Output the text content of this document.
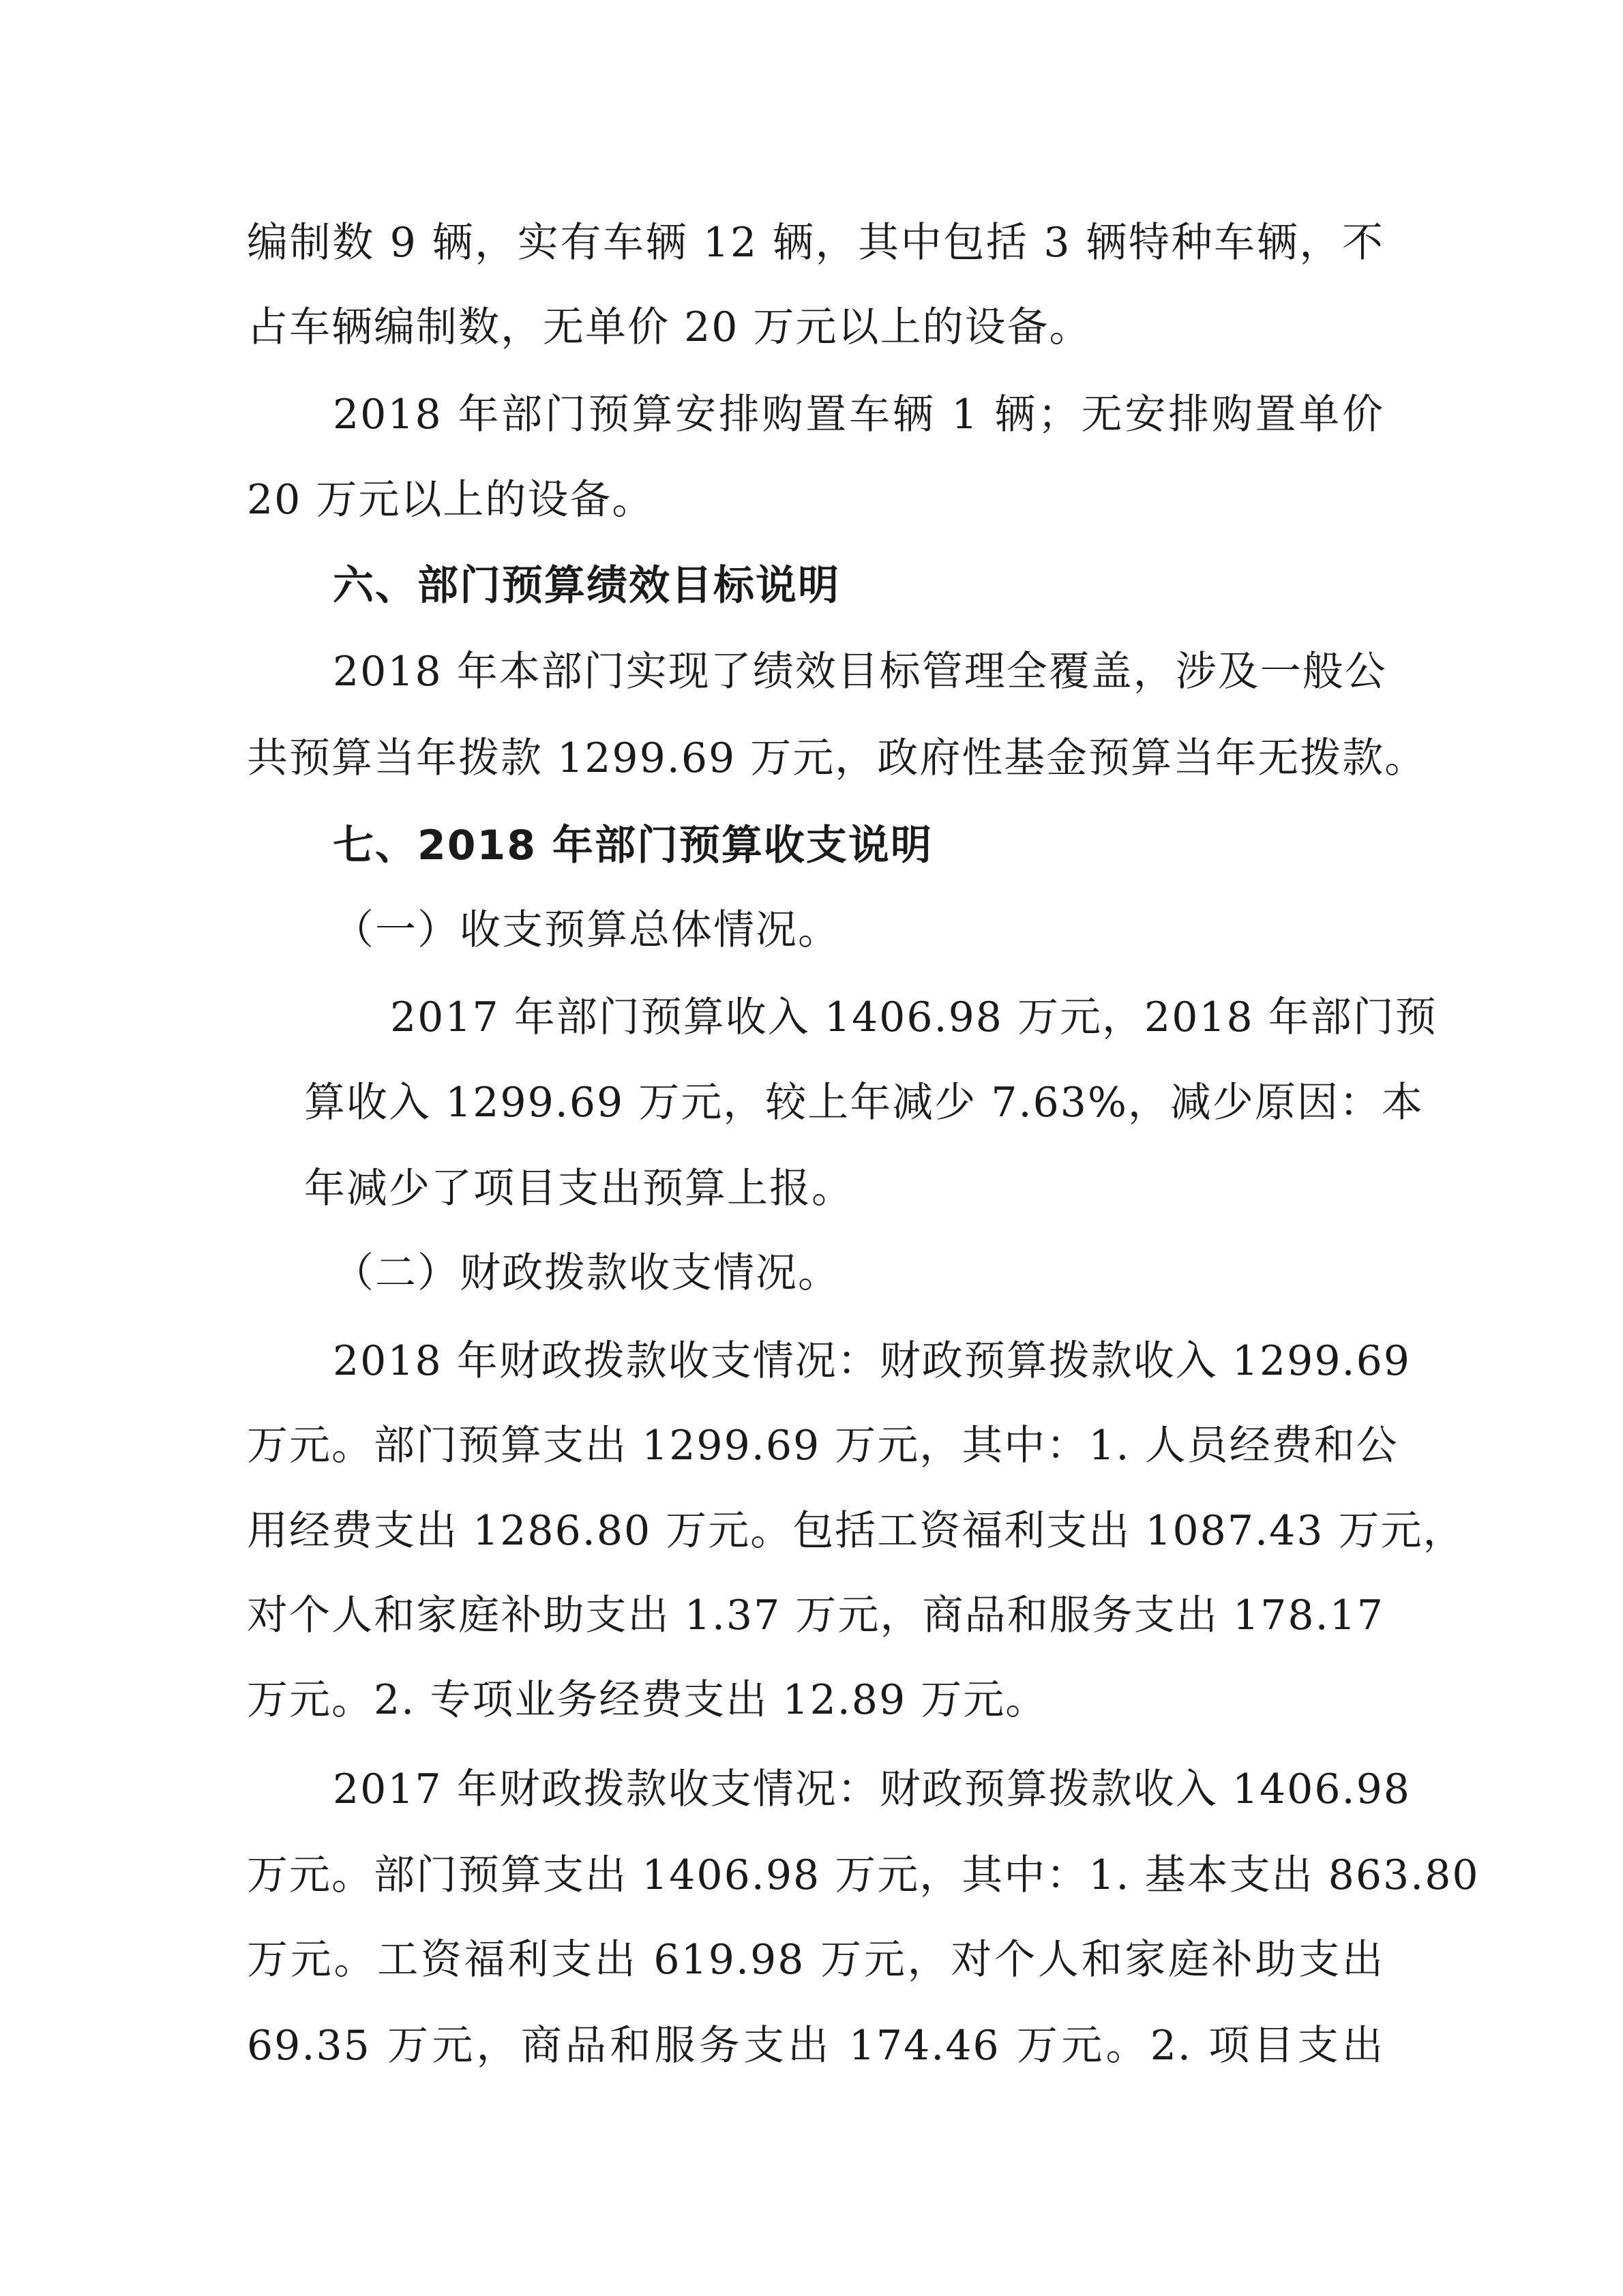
编制数 9 辆，实有车辆 12 辆，其中包括 3 辆特种车辆，不
占车辆编制数，无单价 20 万元以上的设备。
2018 年部门预算安排购置车辆 1 辆；无安排购置单价
20 万元以上的设备。
六、部门预算绩效目标说明
2018 年本部门实现了绩效目标管理全覆盖，涉及一般公
共预算当年拨款 1299.69 万元，政府性基金预算当年无拨款。
七、2018 年部门预算收支说明
（一）收支预算总体情况。
2017 年部门预算收入 1406.98 万元，2018 年部门预
算收入 1299.69 万元，较上年减少 7.63%，减少原因：本
年减少了项目支出预算上报。
（二）财政拨款收支情况。
2018 年财政拨款收支情况：财政预算拨款收入 1299.69
万元。部门预算支出 1299.69 万元，其中：1. 人员经费和公
用经费支出 1286.80 万元。包括工资福利支出 1087.43 万元，
对个人和家庭补助支出 1.37 万元，商品和服务支出 178.17
万元。2. 专项业务经费支出 12.89 万元。
2017 年财政拨款收支情况：财政预算拨款收入 1406.98
万元。部门预算支出 1406.98 万元，其中：1. 基本支出 863.80
万元。工资福利支出 619.98 万元，对个人和家庭补助支出
69.35 万元，商品和服务支出 174.46 万元。2. 项目支出
